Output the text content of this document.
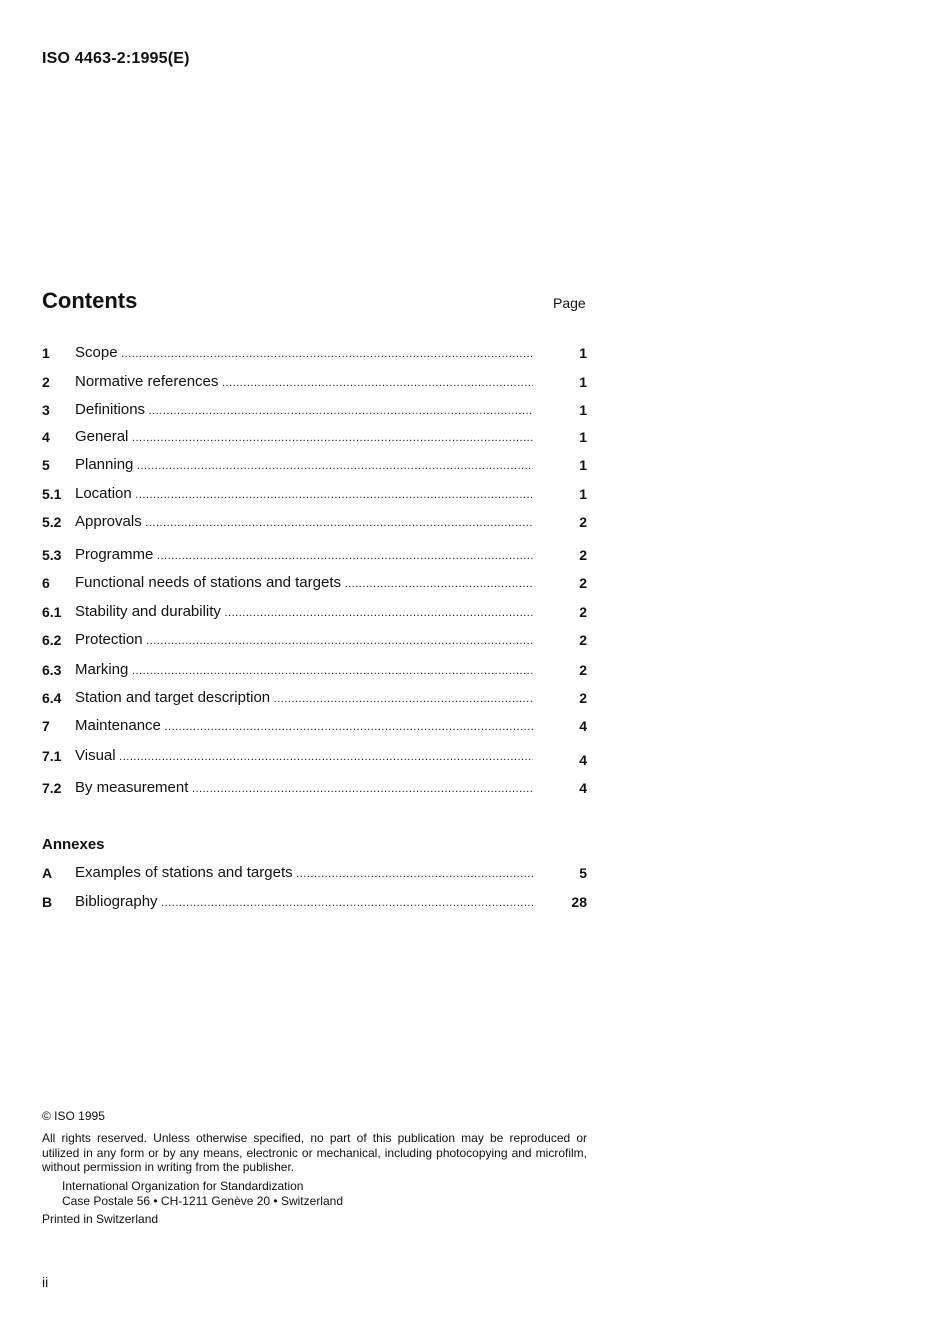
ISO 4463-2:1995(E)
Contents	Page
1 Scope .....	1
2 Normative references .....	1
3 Definitions .....	1
4 General .....	1
5 Planning .....	1
5.1 Location .....	1
5.2 Approvals .....	2
5.3 Programme .....	2
6 Functional needs of stations and targets .....	2
6.1 Stability and durability .....	2
6.2 Protection .....	2
6.3 Marking .....	2
6.4 Station and target description .....	2
7 Maintenance .....	4
7.1 Visual .....	4
7.2 By measurement .....	4
Annexes
A Examples of stations and targets .....	5
B Bibliography .....	28
© ISO 1995
All rights reserved. Unless otherwise specified, no part of this publication may be reproduced or utilized in any form or by any means, electronic or mechanical, including photocopying and microfilm, without permission in writing from the publisher.
International Organization for Standardization
Case Postale 56 • CH-1211 Genève 20 • Switzerland
Printed in Switzerland
ii
